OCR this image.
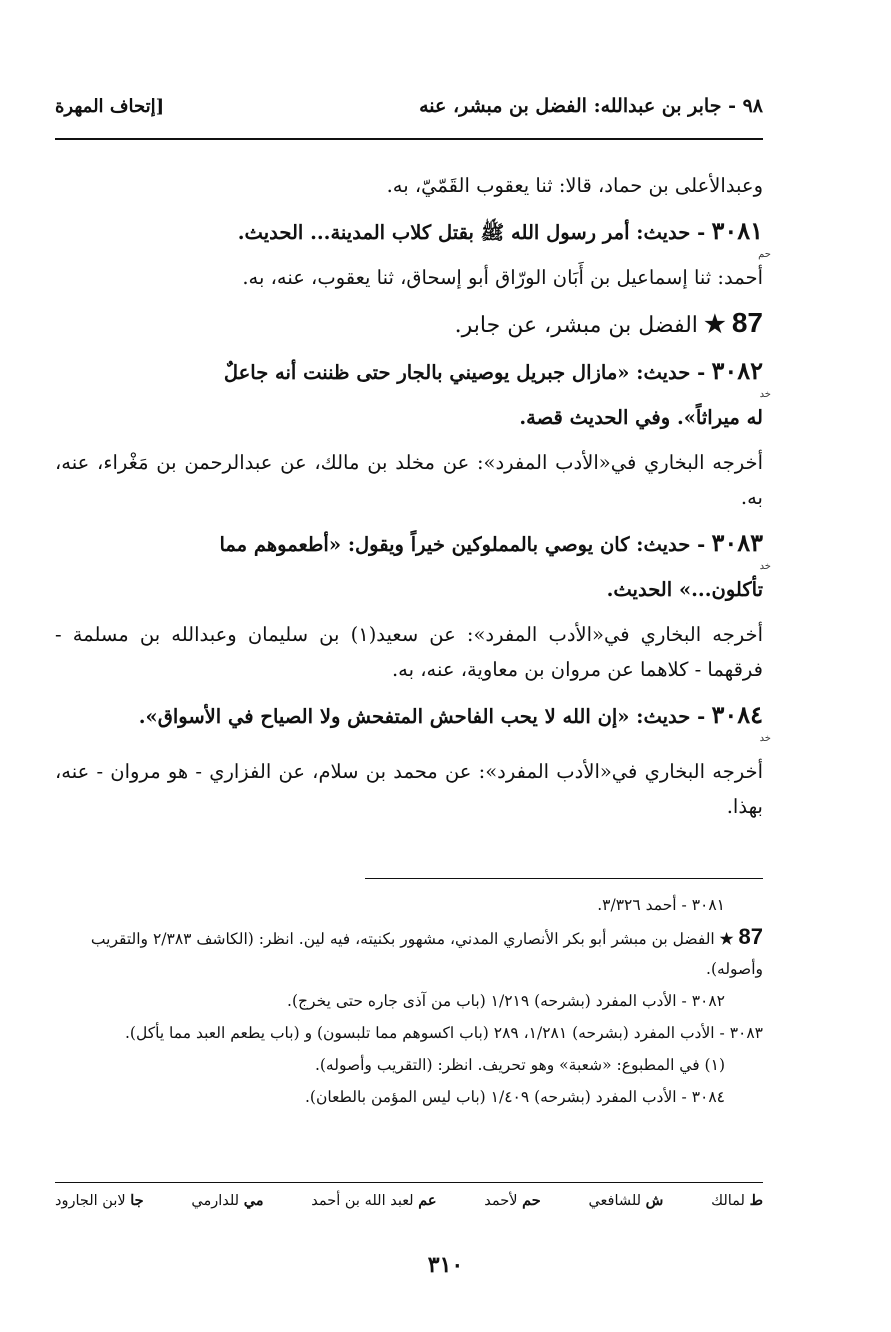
٩٨ - جابر بن عبدالله: الفضل بن مبشر، عنه
[إتحاف المهرة

وعبدالأعلى بن حماد، قالا: ثنا يعقوب القَمّيّ، به.

٣٠٨١ - حديث: أمر رسول الله ﷺ بقتل كلاب المدينة... الحديث.
حم
أحمد: ثنا إسماعيل بن أَبَان الورّاق أبو إسحاق، ثنا يعقوب، عنه، به.

87 ★ الفضل بن مبشر، عن جابر.

٣٠٨٢ - حديث: «مازال جبريل يوصيني بالجار حتى ظننت أنه جاعلٌ
خد
له ميراثاً». وفي الحديث قصة.

أخرجه البخاري في«الأدب المفرد»: عن مخلد بن مالك، عن عبدالرحمن بن مَغْراء، عنه، به.

٣٠٨٣ - حديث: كان يوصي بالمملوكين خيراً ويقول: «أطعموهم مما
خد
تأكلون...» الحديث.

أخرجه البخاري في«الأدب المفرد»: عن سعيد(١) بن سليمان وعبدالله بن مسلمة - فرقهما - كلاهما عن مروان بن معاوية، عنه، به.

٣٠٨٤ - حديث: «إن الله لا يحب الفاحش المتفحش ولا الصياح في الأسواق».
خد

أخرجه البخاري في«الأدب المفرد»: عن محمد بن سلام، عن الفزاري - هو مروان - عنه، بهذا.

٣٠٨١ - أحمد ٣/٣٢٦.

87 ★ الفضل بن مبشر أبو بكر الأنصاري المدني، مشهور بكنيته، فيه لين. انظر: (الكاشف ٢/٣٨٣ والتقريب وأصوله).

٣٠٨٢ - الأدب المفرد (بشرحه) ١/٢١٩ (باب من آذى جاره حتى يخرج).

٣٠٨٣ - الأدب المفرد (بشرحه) ١/٢٨١، ٢٨٩ (باب اكسوهم مما تلبسون) و (باب يطعم العبد مما يأكل).

(١) في المطبوع: «شعبة» وهو تحريف. انظر: (التقريب وأصوله).

٣٠٨٤ - الأدب المفرد (بشرحه) ١/٤٠٩ (باب ليس المؤمن بالطعان).

ط لمالك
ش للشافعي
حم لأحمد
عم لعبد الله بن أحمد
مي للدارمي
جا لابن الجارود
٣١٠
